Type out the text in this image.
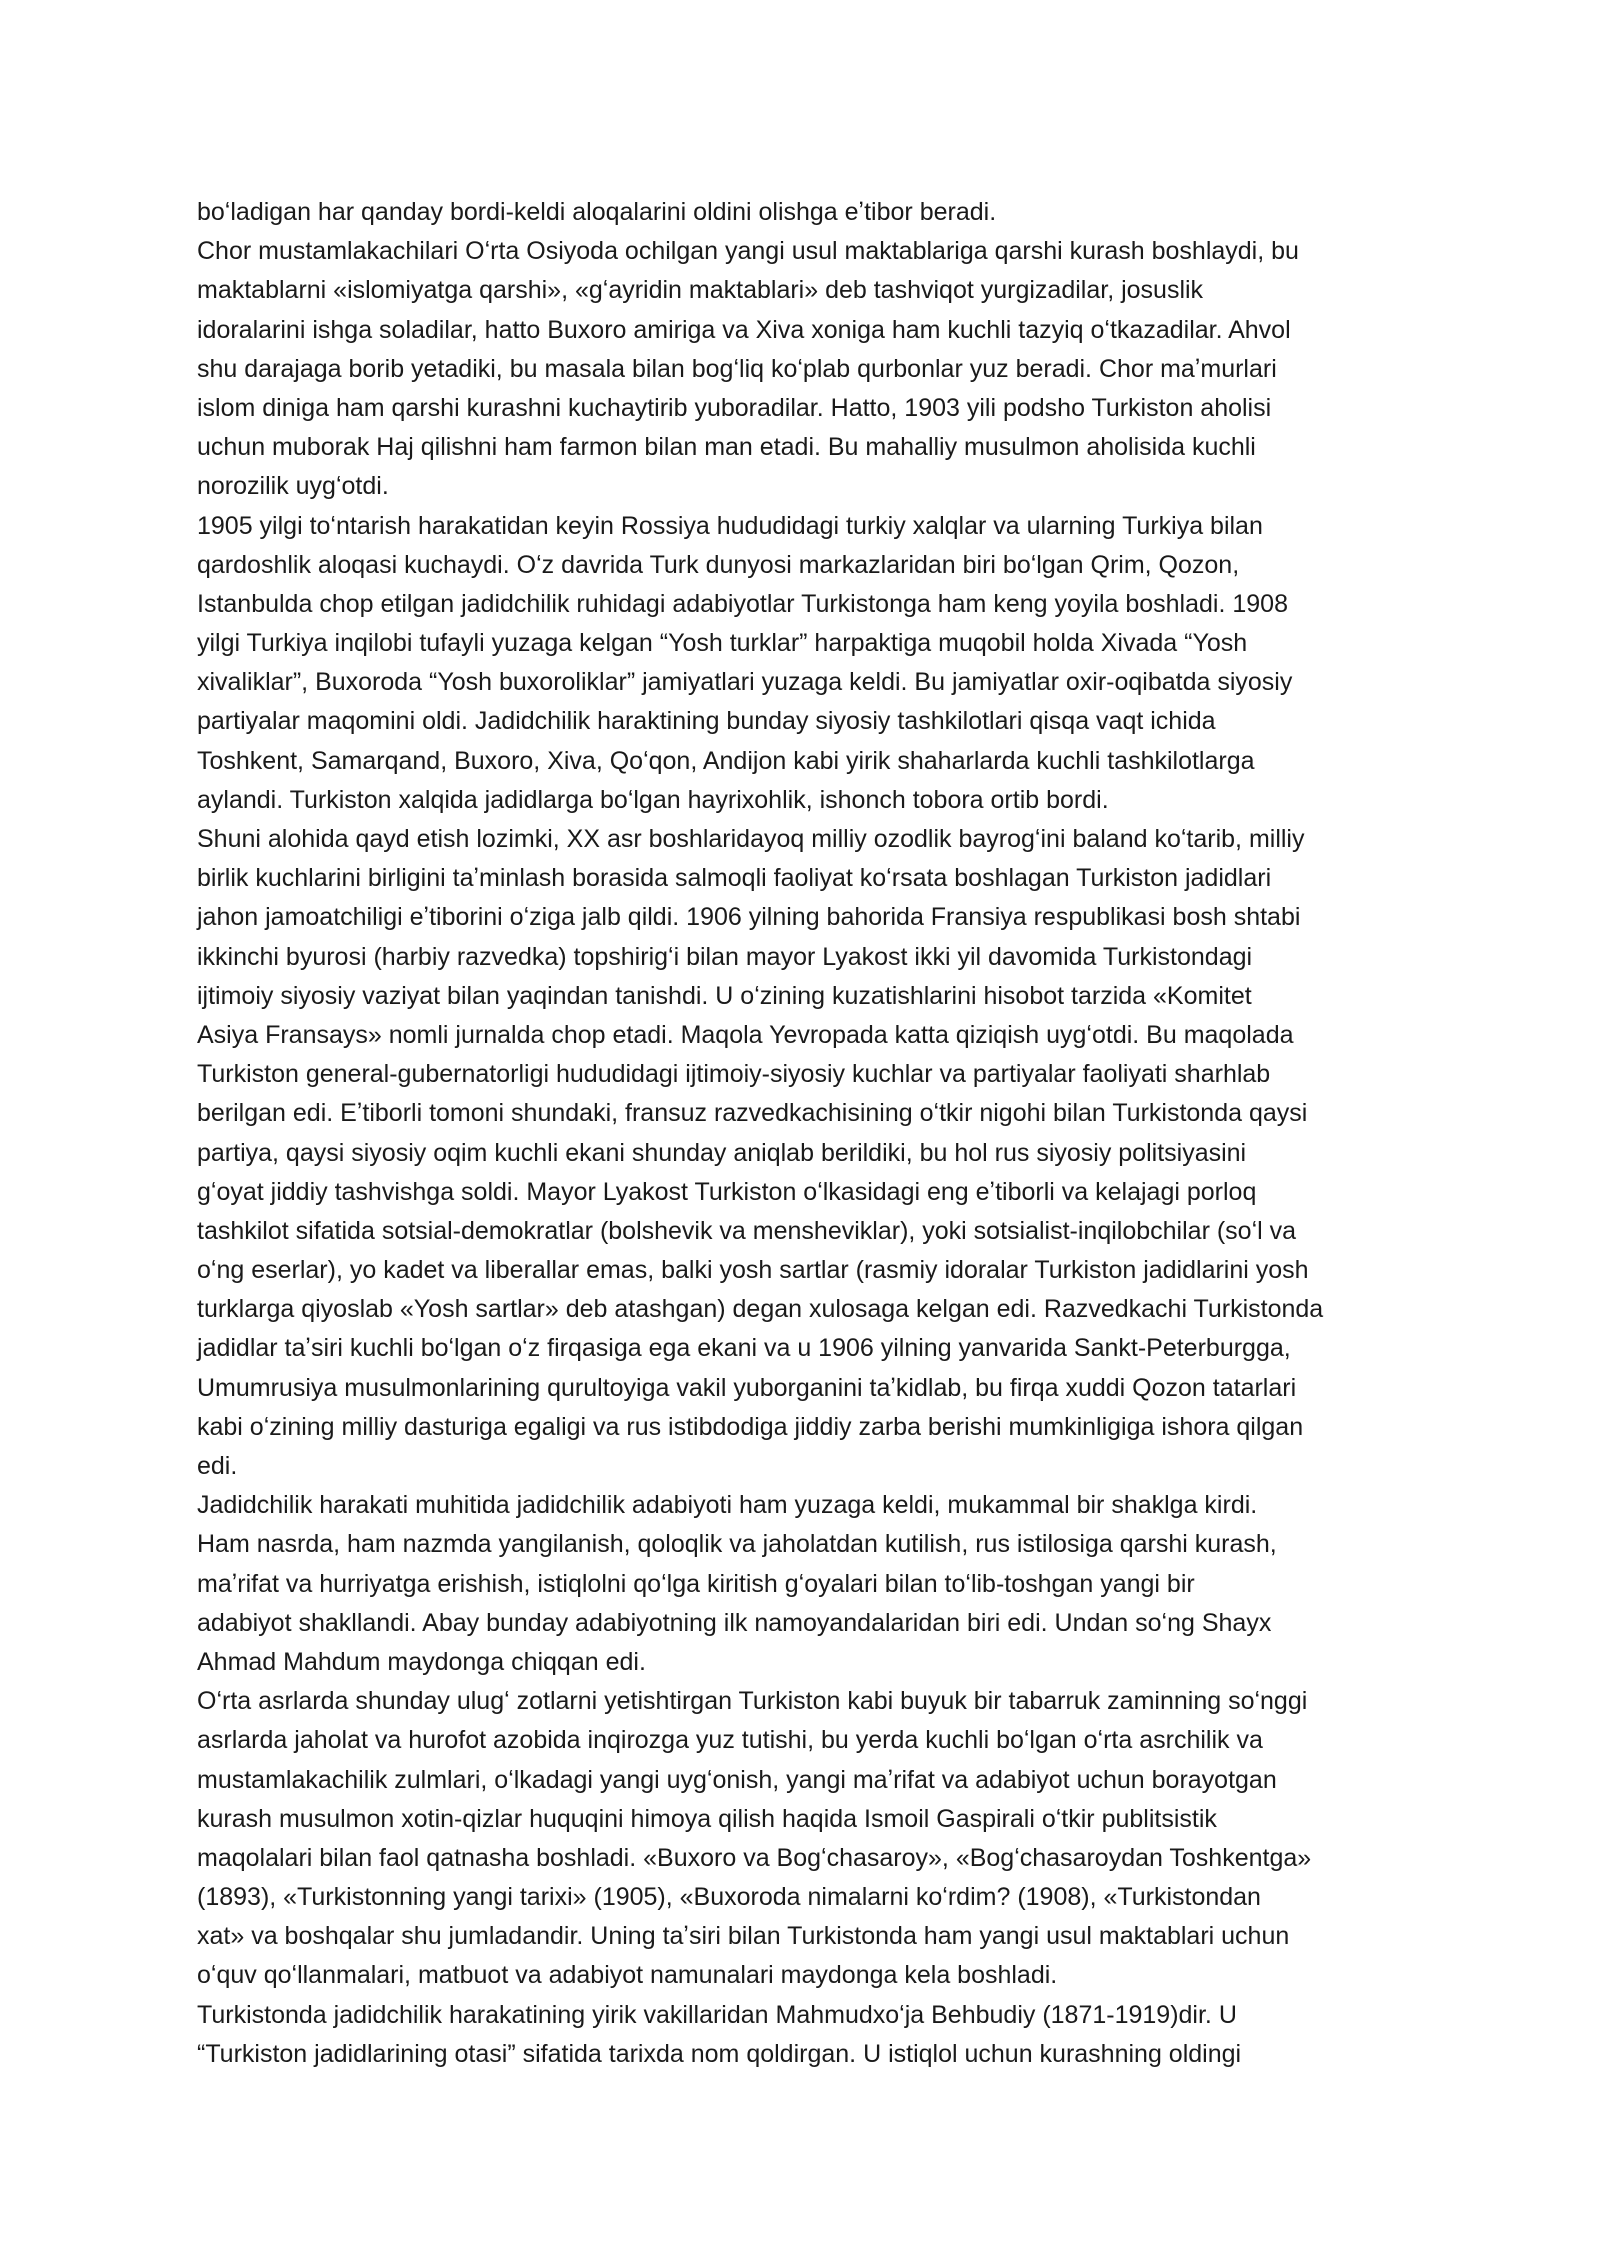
boʻladigan har qanday bordi-keldi aloqalarini oldini olishga eʼtibor beradi.
Chor mustamlakachilari Oʻrta Osiyoda ochilgan yangi usul maktablariga qarshi kurash boshlaydi, bu
maktablarni «islomiyatga qarshi», «gʻayridin maktablari» deb tashviqot yurgizadilar, josuslik
idoralarini ishga soladilar, hatto Buxoro amiriga va Xiva xoniga ham kuchli tazyiq oʻtkazadilar. Ahvol
shu darajaga borib yetadiki, bu masala bilan bogʻliq koʻplab qurbonlar yuz beradi. Chor maʼmurlari
islom diniga ham qarshi kurashni kuchaytirib yuboradilar. Hatto, 1903 yili podsho Turkiston aholisi
uchun muborak Haj qilishni ham farmon bilan man etadi. Bu mahalliy musulmon aholisida kuchli
norozilik uygʻotdi.
1905 yilgi toʻntarish harakatidan keyin Rossiya hududidagi turkiy xalqlar va ularning Turkiya bilan
qardoshlik aloqasi kuchaydi. Oʻz davrida Turk dunyosi markazlaridan biri boʻlgan Qrim, Qozon,
Istanbulda chop etilgan jadidchilik ruhidagi adabiyotlar Turkistonga ham keng yoyila boshladi. 1908
yilgi Turkiya inqilobi tufayli yuzaga kelgan “Yosh turklar” harpaktiga muqobil holda Xivada “Yosh
xivaliklar”, Buxoroda “Yosh buxoroliklar” jamiyatlari yuzaga keldi. Bu jamiyatlar oxir-oqibatda siyosiy
partiyalar maqomini oldi. Jadidchilik haraktining bunday siyosiy tashkilotlari qisqa vaqt ichida
Toshkent, Samarqand, Buxoro, Xiva, Qoʻqon, Andijon kabi yirik shaharlarda kuchli tashkilotlarga
aylandi. Turkiston xalqida jadidlarga boʻlgan hayrixohlik, ishonch tobora ortib bordi.
Shuni alohida qayd etish lozimki, XX asr boshlaridayoq milliy ozodlik bayrogʻini baland koʻtarib, milliy
birlik kuchlarini birligini taʼminlash borasida salmoqli faoliyat koʻrsata boshlagan Turkiston jadidlari
jahon jamoatchiligi eʼtiborini oʻziga jalb qildi. 1906 yilning bahorida Fransiya respublikasi bosh shtabi
ikkinchi byurosi (harbiy razvedka) topshirigʻi bilan mayor Lyakost ikki yil davomida Turkistondagi
ijtimoiy siyosiy vaziyat bilan yaqindan tanishdi. U oʻzining kuzatishlarini hisobot tarzida «Komitet
Asiya Fransays» nomli jurnalda chop etadi. Maqola Yevropada katta qiziqish uygʻotdi. Bu maqolada
Turkiston general-gubernatorligi hududidagi ijtimoiy-siyosiy kuchlar va partiyalar faoliyati sharhlab
berilgan edi. Eʼtiborli tomoni shundaki, fransuz razvedkachisining oʻtkir nigohi bilan Turkistonda qaysi
partiya, qaysi siyosiy oqim kuchli ekani shunday aniqlab berildiki, bu hol rus siyosiy politsiyasini
gʻoyat jiddiy tashvishga soldi. Mayor Lyakost Turkiston oʻlkasidagi eng eʼtiborli va kelajagi porloq
tashkilot sifatida sotsial-demokratlar (bolshevik va mensheviklar), yoki sotsialist-inqilobchilar (soʻl va
oʻng eserlar), yo kadet va liberallar emas, balki yosh sartlar (rasmiy idoralar Turkiston jadidlarini yosh
turklarga qiyoslab «Yosh sartlar» deb atashgan) degan xulosaga kelgan edi. Razvedkachi Turkistonda
jadidlar taʼsiri kuchli boʻlgan oʻz firqasiga ega ekani va u 1906 yilning yanvarida Sankt-Peterburgga,
Umumrusiya musulmonlarining qurultoyiga vakil yuborganini taʼkidlab, bu firqa xuddi Qozon tatarlari
kabi oʻzining milliy dasturiga egaligi va rus istibdodiga jiddiy zarba berishi mumkinligiga ishora qilgan
edi.
Jadidchilik harakati muhitida jadidchilik adabiyoti ham yuzaga keldi, mukammal bir shaklga kirdi.
Ham nasrda, ham nazmda yangilanish, qoloqlik va jaholatdan kutilish, rus istilosiga qarshi kurash,
maʼrifat va hurriyatga erishish, istiqlolni qoʻlga kiritish gʻoyalari bilan toʻlib-toshgan yangi bir
adabiyot shakllandi. Abay bunday adabiyotning ilk namoyandalaridan biri edi. Undan soʻng Shayx
Ahmad Mahdum maydonga chiqqan edi.
Oʻrta asrlarda shunday ulugʻ zotlarni yetishtirgan Turkiston kabi buyuk bir tabarruk zaminning soʻnggi
asrlarda jaholat va hurofot azobida inqirozga yuz tutishi, bu yerda kuchli boʻlgan oʻrta asrchilik va
mustamlakachilik zulmlari, oʻlkadagi yangi uygʻonish, yangi maʼrifat va adabiyot uchun borayotgan
kurash musulmon xotin-qizlar huquqini himoya qilish haqida Ismoil Gaspirali oʻtkir publitsistik
maqolalari bilan faol qatnasha boshladi. «Buxoro va Bogʻchasaroy», «Bogʻchasaroydan Toshkentga»
(1893), «Turkistonning yangi tarixi» (1905), «Buxoroda nimalarni koʻrdim? (1908), «Turkistondan
xat» va boshqalar shu jumladandir. Uning taʼsiri bilan Turkistonda ham yangi usul maktablari uchun
oʻquv qoʻllanmalari, matbuot va adabiyot namunalari maydonga kela boshladi.
Turkistonda jadidchilik harakatining yirik vakillaridan Mahmudxoʻja Behbudiy (1871-1919)dir. U
“Turkiston jadidlarining otasi” sifatida tarixda nom qoldirgan. U istiqlol uchun kurashning oldingi
